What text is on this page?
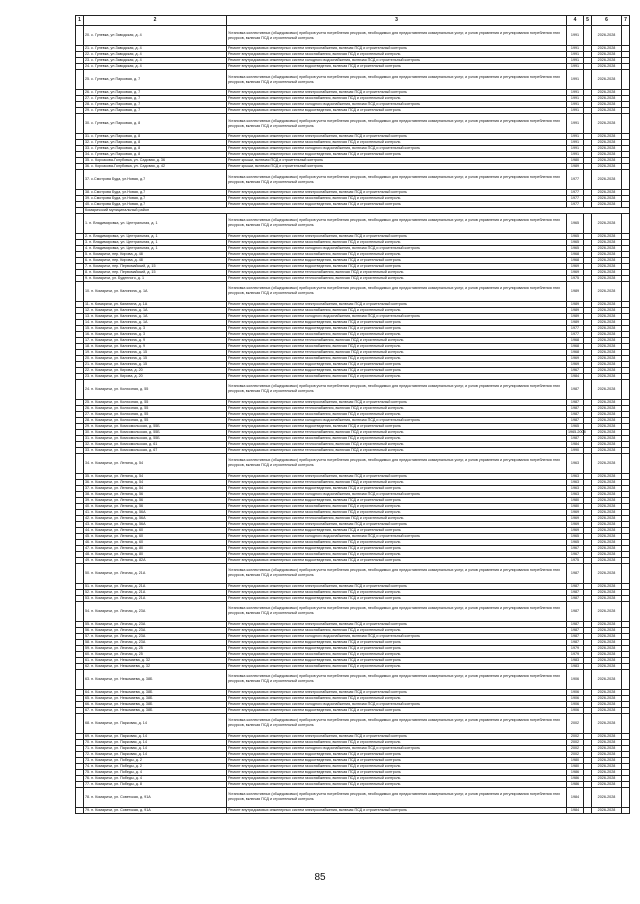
1	2	3	4	5	6	7
	20. с. Гулевка, ул Заводская, д. 4	Установка коллективных (общедомовых) приборов учета потребления ресурсов, необходимых для предоставления коммунальных услуг, и узлов управления и регулирования потребления этих ресурсов, включая ПСД и строительный контроль	1991		2026-2028	
	21. с. Гулевка, ул.Заводская, д. 4	Ремонт внутридомовых инженерных систем электроснабжения, включая ПСД и строительный контроль	1991		2026-2028	
	22. с. Гулевка, ул.Заводская, д. 4	Ремонт внутридомовых инженерных систем газоснабжения, включая ПСД и строительный контроль	1991		2026-2028	
	23. с. Гулевка, ул.Заводская, д. 4	Ремонт внутридомовых инженерных систем холодного водоснабжения, включая ПСД и строительный контроль	1991		2026-2028	
	24. с. Гулевка, ул.Заводская, д. 4	Ремонт внутридомовых инженерных систем водоотведения, включая ПСД и строительный контроль	1991		2026-2028	
	25. с. Гулевка, ул Парковая, д. 7	Установка коллективных (общедомовых) приборов учета потребления ресурсов, необходимых для предоставления коммунальных услуг, и узлов управления и регулирования потребления этих ресурсов, включая ПСД и строительный контроль	1991		2026-2028	
	26. с. Гулевка, ул.Парковая, д. 7	Ремонт внутридомовых инженерных систем электроснабжения, включая ПСД и строительный контроль	1991		2026-2028	
	27. с. Гулевка, ул.Парковая, д. 7	Ремонт внутридомовых инженерных систем газоснабжения, включая ПСД и строительный контроль	1991		2026-2028	
	28. с. Гулевка, ул.Парковая, д. 7	Ремонт внутридомовых инженерных систем холодного водоснабжения, включая ПСД и строительный контроль	1991		2026-2028	
	29. с. Гулевка, ул.Парковая, д. 7	Ремонт внутридомовых инженерных систем водоотведения, включая ПСД и строительный контроль	1991		2026-2028	
	30. с. Гулевка, ул Парковая, д. 8	Установка коллективных (общедомовых) приборов учета потребления ресурсов, необходимых для предоставления коммунальных услуг, и узлов управления и регулирования потребления этих ресурсов, включая ПСД и строительный контроль	1991		2026-2028	
	31. с. Гулевка, ул.Парковая, д. 8	Ремонт внутридомовых инженерных систем электроснабжения, включая ПСД и строительный контроль	1991		2026-2028	
	32. с. Гулевка, ул.Парковая, д. 8	Ремонт внутридомовых инженерных систем газоснабжения, включая ПСД и строительный контроль	1991		2026-2028	
	33. с. Гулевка, ул.Парковая, д. 8	Ремонт внутридомовых инженерных систем холодного водоснабжения, включая ПСД и строительный контроль	1991		2026-2028	
	34. с. Гулевка, ул.Парковая, д. 8	Ремонт внутридомовых инженерных систем водоотведения, включая ПСД и строительный контроль	1991		2026-2028	
	35. с. Корсакова-Голубовка, ул. Садовая, д. 36	Ремонт крыши, включая ПСД и строительный контроль	1980		2026-2028	
	36. с. Корсакова-Голубовка, ул. Садовая, д. 42	Ремонт крыши, включая ПСД и строительный контроль	1989		2026-2028	
	37. с.Смотрова Буда, ул.Новая, д.7	Установка коллективных (общедомовых) приборов учета потребления ресурсов, необходимых для предоставления коммунальных услуг, и узлов управления и регулирования потребления этих ресурсов, включая ПСД и строительный контроль	1977		2026-2028	
	38. с.Смотрова Буда, ул.Новая, д.7	Ремонт внутридомовых инженерных систем электроснабжения, включая ПСД и строительный контроль	1977		2026-2028	
	39. с.Смотрова Буда, ул.Новая, д.7	Ремонт внутридомовых инженерных систем газоснабжения, включая ПСД и строительный контроль	1977		2026-2028	
	40. с.Смотрова Буда, ул.Новая, д.7	Ремонт внутридомовых инженерных систем водоотведения, включая ПСД и строительный контроль	1977		2026-2028	
	Комаричский муниципальный район					
	1. п. Владимировка, ул. Центральная, д. 1	Установка коллективных (общедомовых) приборов учета потребления ресурсов, необходимых для предоставления коммунальных услуг, и узлов управления и регулирования потребления этих ресурсов, включая ПСД и строительный контроль	1965		2026-2028	
	2. п. Владимировка, ул. Центральная, д. 1	Ремонт внутридомовых инженерных систем электроснабжения, включая ПСД и строительный контроль	1965		2026-2028	
	3. п. Владимировка, ул. Центральная, д. 1	Ремонт внутридомовых инженерных систем газоснабжения, включая ПСД и строительный контроль	1965		2026-2028	
	4. п. Владимировка, ул. Центральная, д. 1	Ремонт внутридомовых инженерных систем холодного водоснабжения, включая ПСД и строительный контроль	1965		2026-2028	
	5. п. Комаричи, пер. Кирова, д. 48	Ремонт внутридомовых инженерных систем газоснабжения, включая ПСД и строительный контроль	1968		2026-2028	
	6. п. Комаричи, пер. Кирова, д. 48	Ремонт внутридомовых инженерных систем водоотведения, включая ПСД и строительный контроль	1968		2026-2028	
	7. п. Комаричи, пер. Первомайский, д. 15	Ремонт внутридомовых инженерных систем водоотведения, включая ПСД и строительный контроль	1969		2026-2028	
	8. п. Комаричи, пер. Первомайский, д. 15	Ремонт внутридомовых инженерных систем теплоснабжения, включая ПСД и строительный контроль	1969		2026-2028	
	9. п. Комаричи, ул. Буденного, д. 1	Ремонт внутридомовых инженерных систем теплоснабжения, включая ПСД и строительный контроль	1975		2026-2028	
	10. п. Комаричи, ул. Калинина, д. 1А	Установка коллективных (общедомовых) приборов учета потребления ресурсов, необходимых для предоставления коммунальных услуг, и узлов управления и регулирования потребления этих ресурсов, включая ПСД и строительный контроль	1989		2026-2028	
	11. п. Комаричи, ул. Калинина, д. 1А	Ремонт внутридомовых инженерных систем электроснабжения, включая ПСД и строительный контроль	1989		2026-2028	
	12. п. Комаричи, ул. Калинина, д. 1А	Ремонт внутридомовых инженерных систем газоснабжения, включая ПСД и строительный контроль	1989		2026-2028	
	13. п. Комаричи, ул. Калинина, д. 1А	Ремонт внутридомовых инженерных систем холодного водоснабжения, включая ПСД и строительный контроль	1989		2026-2028	
	14. п. Комаричи, ул. Калинина, д. 1А	Ремонт внутридомовых инженерных систем водоотведения, включая ПСД и строительный контроль	1989		2026-2028	
	15. п. Комаричи, ул. Калинина, д. 3	Ремонт внутридомовых инженерных систем водоотведения, включая ПСД и строительный контроль	1977		2026-2028	
	16. п. Комаричи, ул. Калинина, д. 3	Ремонт внутридомовых инженерных систем газоснабжения, включая ПСД и строительный контроль	1977		2026-2028	
	17. п. Комаричи, ул. Калинина, д. 9	Ремонт внутридомовых инженерных систем теплоснабжения, включая ПСД и строительный контроль	1968		2026-2028	
	18. п. Комаричи, ул. Калинина, д. 9	Ремонт внутридомовых инженерных систем газоснабжения, включая ПСД и строительный контроль	1968		2026-2028	
	19. п. Комаричи, ул. Калинина, д. 15	Ремонт внутридомовых инженерных систем теплоснабжения, включая ПСД и строительный контроль	1968		2026-2028	
	20. п. Комаричи, ул. Калинина, д. 15	Ремонт внутридомовых инженерных систем газоснабжения, включая ПСД и строительный контроль	1969		2026-2028	
	21. п. Комаричи, ул. Калинина, д. 15	Ремонт внутридомовых инженерных систем водоотведения, включая ПСД и строительный контроль	1969		2026-2028	
	22. п. Комаричи, ул. Кирова, д. 20	Ремонт внутридомовых инженерных систем водоотведения, включая ПСД и строительный контроль	1967		2026-2028	
	23. п. Комаричи, ул. Кирова, д. 20	Ремонт внутридомовых инженерных систем газоснабжения, включая ПСД и строительный контроль	1984		2026-2028	
	24. п. Комаричи, ул. Колхозная, д. 55	Установка коллективных (общедомовых) приборов учета потребления ресурсов, необходимых для предоставления коммунальных услуг, и узлов управления и регулирования потребления этих ресурсов, включая ПСД и строительный контроль	1987		2026-2028	
	25. п. Комаричи, ул. Колхозная, д. 55	Ремонт внутридомовых инженерных систем электроснабжения, включая ПСД и строительный контроль	1987		2026-2028	
	26. п. Комаричи, ул. Колхозная, д. 55	Ремонт внутридомовых инженерных систем теплоснабжения, включая ПСД и строительный контроль	1987		2026-2028	
	27. п. Комаричи, ул. Колхозная, д. 55	Ремонт внутридомовых инженерных систем газоснабжения, включая ПСД и строительный контроль	1987		2026-2028	
	28. п. Комаричи, ул. Колхозная, д. 55	Ремонт внутридомовых инженерных систем холодного водоснабжения, включая ПСД и строительный контроль	1987		2026-2028	
	29. п. Комаричи, ул. Комсомольская, д. 55Б	Ремонт внутридомовых инженерных систем водоотведения, включая ПСД и строительный контроль	1965		2026-2028	
	30. п. Комаричи, ул. Комсомольская, д. 55Б	Ремонт внутридомовых инженерных систем теплоснабжения, включая ПСД и строительный контроль	1965-2008		2026-2028	
	31. п. Комаричи, ул. Комсомольская, д. 55Б	Ремонт внутридомовых инженерных систем газоснабжения, включая ПСД и строительный контроль	1987		2026-2028	
	32. п. Комаричи, ул. Комсомольская, д. 61	Ремонт внутридомовых инженерных систем теплоснабжения, включая ПСД и строительный контроль	1984		2026-2028	
	33. п. Комаричи, ул. Комсомольская, д. 67	Ремонт внутридомовых инженерных систем теплоснабжения, включая ПСД и строительный контроль	1990		2026-2028	
	34. п. Комаричи, ул. Ленина, д. 54	Установка коллективных (общедомовых) приборов учета потребления ресурсов, необходимых для предоставления коммунальных услуг, и узлов управления и регулирования потребления этих ресурсов, включая ПСД и строительный контроль	1963		2026-2028	
	35. п. Комаричи, ул. Ленина, д. 54	Ремонт внутридомовых инженерных систем электроснабжения, включая ПСД и строительный контроль	1963		2026-2028	
	36. п. Комаричи, ул. Ленина, д. 54	Ремонт внутридомовых инженерных систем теплоснабжения, включая ПСД и строительный контроль	1963		2026-2028	
	37. п. Комаричи, ул. Ленина, д. 54	Ремонт внутридомовых инженерных систем водоотведения, включая ПСД и строительный контроль	1963		2026-2028	
	38. п. Комаричи, ул. Ленина, д. 56	Ремонт внутридомовых инженерных систем холодного водоснабжения, включая ПСД и строительный контроль	1963		2026-2028	
	39. п. Комаричи, ул. Ленина, д. 56	Ремонт внутридомовых инженерных систем водоотведения, включая ПСД и строительный контроль	1980		2026-2028	
	40. п. Комаричи, ул. Ленина, д. 56	Ремонт внутридомовых инженерных систем газоснабжения, включая ПСД и строительный контроль	1980		2026-2028	
	41. п. Комаричи, ул. Ленина, д. 56А	Ремонт внутридомовых инженерных систем газоснабжения, включая ПСД и строительный контроль	1969		2026-2028	
	42. п. Комаричи, ул. Ленина, д. 56А	Ремонт внутридомовых инженерных систем теплоснабжения, включая ПСД и строительный контроль	1969		2026-2028	
	43. п. Комаричи, ул. Ленина, д. 56А	Ремонт внутридомовых инженерных систем электроснабжения, включая ПСД и строительный контроль	1969		2026-2028	
	44. п. Комаричи, ул. Ленина, д. 60	Ремонт внутридомовых инженерных систем водоотведения, включая ПСД и строительный контроль	1969		2026-2028	
	45. п. Комаричи, ул. Ленина, д. 60	Ремонт внутридомовых инженерных систем холодного водоснабжения, включая ПСД и строительный контроль	1965		2026-2028	
	46. п. Комаричи, ул. Ленина, д. 60	Ремонт внутридомовых инженерных систем газоснабжения, включая ПСД и строительный контроль	1965		2026-2028	
	47. п. Комаричи, ул. Ленина, д. 80	Ремонт внутридомовых инженерных систем водоотведения, включая ПСД и строительный контроль	1967		2026-2028	
	48. п. Комаричи, ул. Ленина, д. 80	Ремонт внутридомовых инженерных систем газоснабжения, включая ПСД и строительный контроль	1967		2026-2028	
	49. п. Комаричи, ул. Ленина, д. 82А	Ремонт внутридомовых инженерных систем водоотведения, включая ПСД и строительный контроль	1975		2026-2028	
	50. п. Комаричи, ул. Лесная, д. 21А	Установка коллективных (общедомовых) приборов учета потребления ресурсов, необходимых для предоставления коммунальных услуг, и узлов управления и регулирования потребления этих ресурсов, включая ПСД и строительный контроль	1987		2026-2028	
	51. п. Комаричи, ул. Лесная, д. 21А	Ремонт внутридомовых инженерных систем электроснабжения, включая ПСД и строительный контроль	1987		2026-2028	
	52. п. Комаричи, ул. Лесная, д. 21А	Ремонт внутридомовых инженерных систем газоснабжения, включая ПСД и строительный контроль	1987		2026-2028	
	53. п. Комаричи, ул. Лесная, д. 21А	Ремонт внутридомовых инженерных систем водоотведения, включая ПСД и строительный контроль	1987		2026-2028	
	54. п. Комаричи, ул. Лесная, д. 23А	Установка коллективных (общедомовых) приборов учета потребления ресурсов, необходимых для предоставления коммунальных услуг, и узлов управления и регулирования потребления этих ресурсов, включая ПСД и строительный контроль	1987		2026-2028	
	55. п. Комаричи, ул. Лесная, д. 23А	Ремонт внутридомовых инженерных систем электроснабжения, включая ПСД и строительный контроль	1987		2026-2028	
	56. п. Комаричи, ул. Лесная, д. 23А	Ремонт внутридомовых инженерных систем газоснабжения, включая ПСД и строительный контроль	1987		2026-2028	
	57. п. Комаричи, ул. Лесная, д. 23А	Ремонт внутридомовых инженерных систем холодного водоснабжения, включая ПСД и строительный контроль	1987		2026-2028	
	58. п. Комаричи, ул. Лесная, д. 23А	Ремонт внутридомовых инженерных систем водоотведения, включая ПСД и строительный контроль	1987		2026-2028	
	59. п. Комаричи, ул. Лесная, д. 25	Ремонт внутридомовых инженерных систем водоотведения, включая ПСД и строительный контроль	1979		2026-2028	
	60. п. Комаричи, ул. Лесная, д. 25	Ремонт внутридомовых инженерных систем газоснабжения, включая ПСД и строительный контроль	1979		2026-2028	
	61. п. Комаричи, ул. Незымаева, д. 32	Ремонт внутридомовых инженерных систем водоотведения, включая ПСД и строительный контроль	1983		2026-2028	
	62. п. Комаричи, ул. Незымаева, д. 32	Ремонт внутридомовых инженерных систем газоснабжения, включая ПСД и строительный контроль	1983		2026-2028	
	63. п. Комаричи, ул. Незымаева, д. 38Б	Установка коллективных (общедомовых) приборов учета потребления ресурсов, необходимых для предоставления коммунальных услуг, и узлов управления и регулирования потребления этих ресурсов, включая ПСД и строительный контроль	1906		2026-2028	
	64. п. Комаричи, ул. Незымаева, д. 38Б	Ремонт внутридомовых инженерных систем электроснабжения, включая ПСД и строительный контроль	1906		2026-2028	
	65. п. Комаричи, ул. Незымаева, д. 38Б	Ремонт внутридомовых инженерных систем газоснабжения, включая ПСД и строительный контроль	1906		2026-2028	
	66. п. Комаричи, ул. Незымаева, д. 38Б	Ремонт внутридомовых инженерных систем холодного водоснабжения, включая ПСД и строительный контроль	1906		2026-2028	
	67. п. Комаричи, ул. Незымаева, д. 38Б	Ремонт внутридомовых инженерных систем водоотведения, включая ПСД и строительный контроль	1906		2026-2028	
	68. п. Комаричи, ул. Парковая, д. 14	Установка коллективных (общедомовых) приборов учета потребления ресурсов, необходимых для предоставления коммунальных услуг, и узлов управления и регулирования потребления этих ресурсов, включая ПСД и строительный контроль	2002		2026-2028	
	69. п. Комаричи, ул. Парковая, д. 14	Ремонт внутридомовых инженерных систем электроснабжения, включая ПСД и строительный контроль	2002		2026-2028	
	70. п. Комаричи, ул. Парковая, д. 14	Ремонт внутридомовых инженерных систем газоснабжения, включая ПСД и строительный контроль	2002		2026-2028	
	71. п. Комаричи, ул. Парковая, д. 14	Ремонт внутридомовых инженерных систем холодного водоснабжения, включая ПСД и строительный контроль	2002		2026-2028	
	72. п. Комаричи, ул. Парковая, д. 14	Ремонт внутридомовых инженерных систем водоотведения, включая ПСД и строительный контроль	2002		2026-2028	
	73. п. Комаричи, ул. Победы, д. 2	Ремонт внутридомовых инженерных систем водоотведения, включая ПСД и строительный контроль	1980		2026-2028	
	74. п. Комаричи, ул. Победы, д. 2	Ремонт внутридомовых инженерных систем газоснабжения, включая ПСД и строительный контроль	1980		2026-2028	
	75. п. Комаричи, ул. Победы, д. 4	Ремонт внутридомовых инженерных систем водоотведения, включая ПСД и строительный контроль	1986		2026-2028	
	76. п. Комаричи, ул. Победы, д. 4	Ремонт внутридомовых инженерных систем газоснабжения, включая ПСД и строительный контроль	1986		2026-2028	
	77. п. Комаричи, ул. Победы, д. 8	Ремонт внутридомовых инженерных систем газоснабжения, включая ПСД и строительный контроль	1986		2026-2028	
	78. п. Комаричи, ул. Советская, д. 91А	Установка коллективных (общедомовых) приборов учета потребления ресурсов, необходимых для предоставления коммунальных услуг, и узлов управления и регулирования потребления этих ресурсов, включая ПСД и строительный контроль	1984		2026-2028	
	79. п. Комаричи, ул. Советская, д. 91А	Ремонт внутридомовых инженерных систем электроснабжения, включая ПСД и строительный контроль	1984		2026-2028	
85
